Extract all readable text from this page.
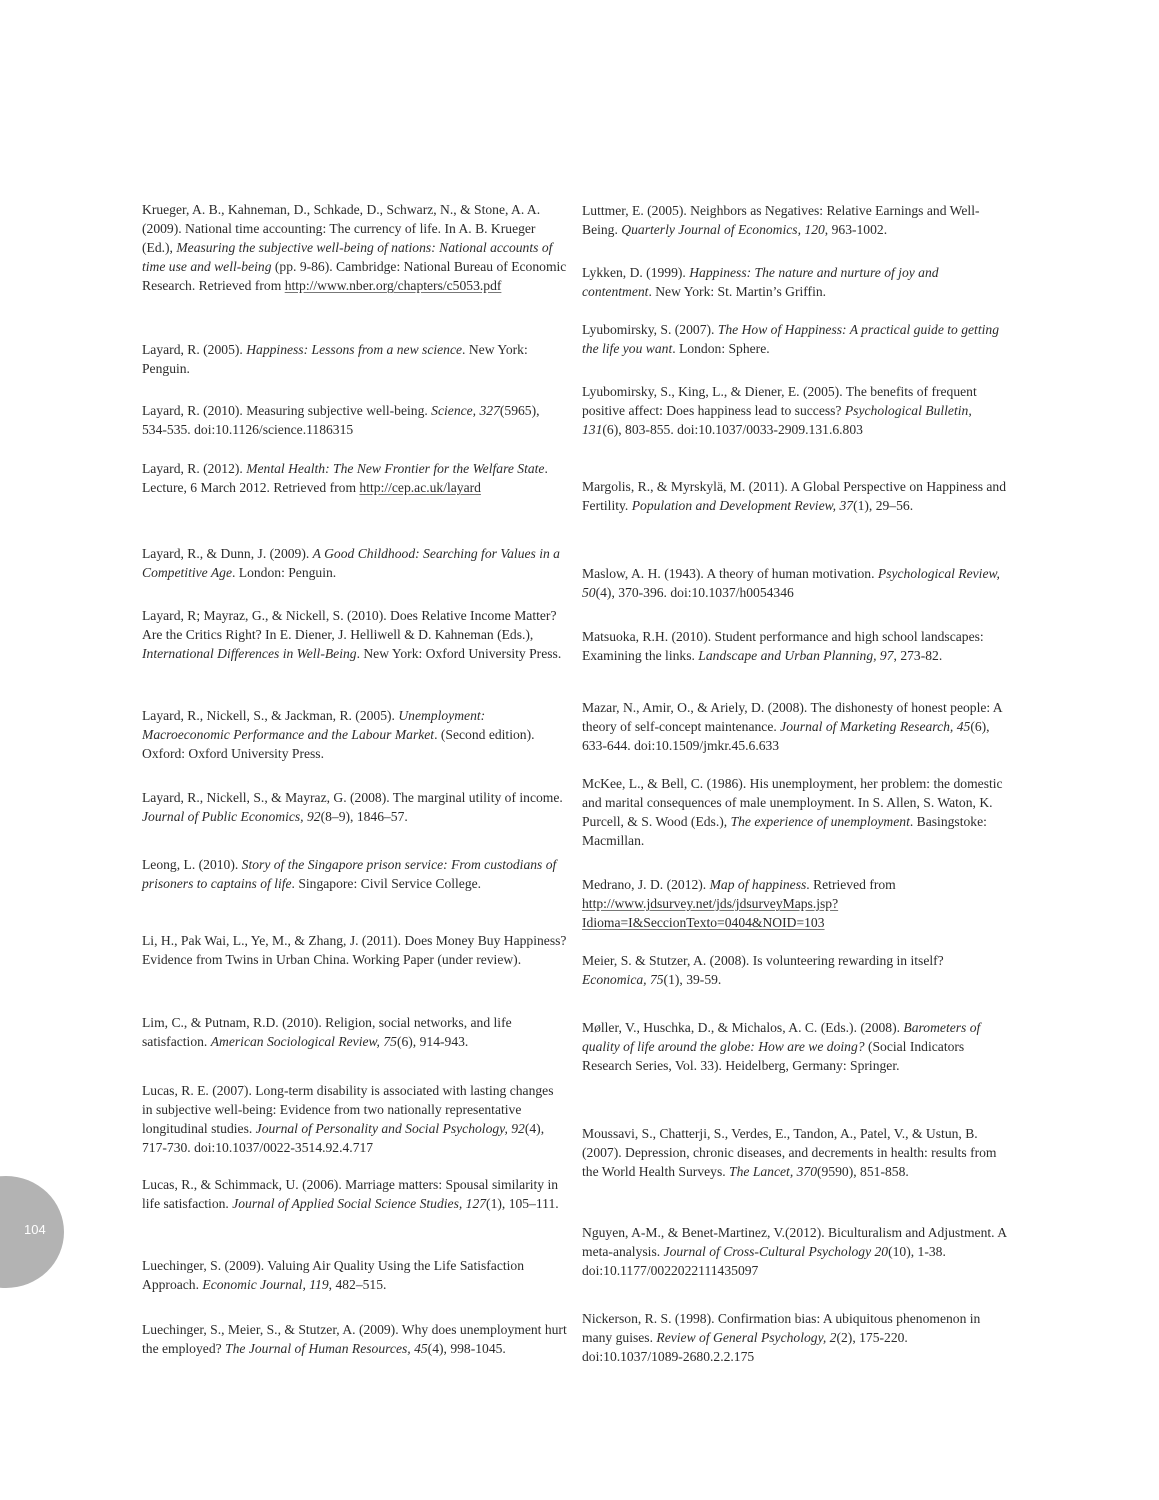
Krueger, A. B., Kahneman, D., Schkade, D., Schwarz, N., & Stone, A. A. (2009). National time accounting: The currency of life. In A. B. Krueger (Ed.), Measuring the subjective well-being of nations: National accounts of time use and well-being (pp. 9-86). Cambridge: National Bureau of Economic Research. Retrieved from http://www.nber.org/chapters/c5053.pdf

Layard, R. (2005). Happiness: Lessons from a new science. New York: Penguin.

Layard, R. (2010). Measuring subjective well-being. Science, 327(5965), 534-535. doi:10.1126/science.1186315

Layard, R. (2012). Mental Health: The New Frontier for the Welfare State. Lecture, 6 March 2012. Retrieved from http://cep.ac.uk/layard

Layard, R., & Dunn, J. (2009). A Good Childhood: Searching for Values in a Competitive Age. London: Penguin.

Layard, R; Mayraz, G., & Nickell, S. (2010). Does Relative Income Matter? Are the Critics Right? In E. Diener, J. Helliwell & D. Kahneman (Eds.), International Differences in Well-Being. New York: Oxford University Press.

Layard, R., Nickell, S., & Jackman, R. (2005). Unemployment: Macroeconomic Performance and the Labour Market. (Second edition). Oxford: Oxford University Press.

Layard, R., Nickell, S., & Mayraz, G. (2008). The marginal utility of income. Journal of Public Economics, 92(8–9), 1846–57.

Leong, L. (2010). Story of the Singapore prison service: From custodians of prisoners to captains of life. Singapore: Civil Service College.

Li, H., Pak Wai, L., Ye, M., & Zhang, J. (2011). Does Money Buy Happiness? Evidence from Twins in Urban China. Working Paper (under review).

Lim, C., & Putnam, R.D. (2010). Religion, social networks, and life satisfaction. American Sociological Review, 75(6), 914-943.

Lucas, R. E. (2007). Long-term disability is associated with lasting changes in subjective well-being: Evidence from two nationally representative longitudinal studies. Journal of Personality and Social Psychology, 92(4), 717-730. doi:10.1037/0022-3514.92.4.717

Lucas, R., & Schimmack, U. (2006). Marriage matters: Spousal similarity in life satisfaction. Journal of Applied Social Science Studies, 127(1), 105–111.

Luechinger, S. (2009). Valuing Air Quality Using the Life Satisfaction Approach. Economic Journal, 119, 482–515.

Luechinger, S., Meier, S., & Stutzer, A. (2009). Why does unemployment hurt the employed? The Journal of Human Resources, 45(4), 998-1045.

Luttmer, E. (2005). Neighbors as Negatives: Relative Earnings and Well-Being. Quarterly Journal of Economics, 120, 963-1002.

Lykken, D. (1999). Happiness: The nature and nurture of joy and contentment. New York: St. Martin’s Griffin.

Lyubomirsky, S. (2007). The How of Happiness: A practical guide to getting the life you want. London: Sphere.

Lyubomirsky, S., King, L., & Diener, E. (2005). The benefits of frequent positive affect: Does happiness lead to success? Psychological Bulletin, 131(6), 803-855. doi:10.1037/0033-2909.131.6.803

Margolis, R., & Myrskylä, M. (2011). A Global Perspective on Happiness and Fertility. Population and Development Review, 37(1), 29–56.

Maslow, A. H. (1943). A theory of human motivation. Psychological Review, 50(4), 370-396. doi:10.1037/h0054346

Matsuoka, R.H. (2010). Student performance and high school landscapes: Examining the links. Landscape and Urban Planning, 97, 273-82.

Mazar, N., Amir, O., & Ariely, D. (2008). The dishonesty of honest people: A theory of self-concept maintenance. Journal of Marketing Research, 45(6), 633-644. doi:10.1509/jmkr.45.6.633

McKee, L., & Bell, C. (1986). His unemployment, her problem: the domestic and marital consequences of male unemployment. In S. Allen, S. Waton, K. Purcell, & S. Wood (Eds.), The experience of unemployment. Basingstoke: Macmillan.

Medrano, J. D. (2012). Map of happiness. Retrieved from http://www.jdsurvey.net/jds/jdsurveyMaps.jsp?Idioma=I&SeccionTexto=0404&NOID=103

Meier, S. & Stutzer, A. (2008). Is volunteering rewarding in itself? Economica, 75(1), 39-59.

Møller, V., Huschka, D., & Michalos, A. C. (Eds.). (2008). Barometers of quality of life around the globe: How are we doing? (Social Indicators Research Series, Vol. 33). Heidelberg, Germany: Springer.

Moussavi, S., Chatterji, S., Verdes, E., Tandon, A., Patel, V., & Ustun, B. (2007). Depression, chronic diseases, and decrements in health: results from the World Health Surveys. The Lancet, 370(9590), 851-858.

Nguyen, A-M., & Benet-Martinez, V.(2012). Biculturalism and Adjustment. A meta-analysis. Journal of Cross-Cultural Psychology 20(10), 1-38. doi:10.1177/0022022111435097

Nickerson, R. S. (1998). Confirmation bias: A ubiquitous phenomenon in many guises. Review of General Psychology, 2(2), 175-220. doi:10.1037/1089-2680.2.2.175

104
